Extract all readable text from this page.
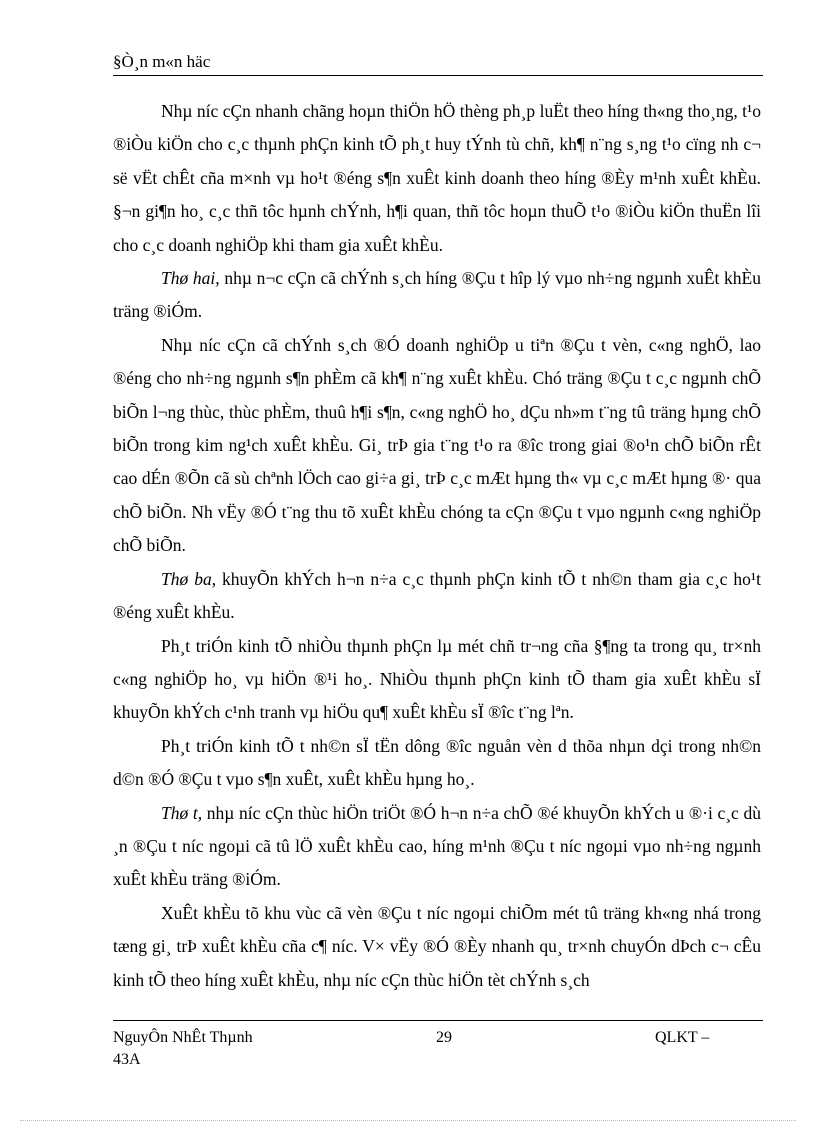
§Ò¸n m«n häc

Nhµ níc cÇn nhanh chãng hoµn thiÖn hÖ thèng ph¸p luËt theo híng th«ng tho¸ng, t¹o ®iÒu kiÖn cho c¸c thµnh phÇn kinh tÕ ph¸t huy tÝnh tù chñ, kh¶ n¨ng s¸ng t¹o cïng nh c¬ së vËt chÊt cña m×nh vµ ho¹t ®éng s¶n xuÊt kinh doanh theo híng ®Èy m¹nh xuÊt khÈu. §¬n gi¶n ho¸ c¸c thñ tôc hµnh chÝnh, h¶i quan, thñ tôc hoµn thuÕ t¹o ®iÒu kiÖn thuËn lîi cho c¸c doanh nghiÖp khi tham gia xuÊt khÈu.

Thø hai, nhµ n¬c cÇn cã chÝnh s¸ch híng ®Çu t hîp lý vµo nh÷ng ngµnh xuÊt khÈu träng ®iÓm.

Nhµ níc cÇn cã chÝnh s¸ch ®Ó doanh nghiÖp u tiªn ®Çu t vèn, c«ng nghÖ, lao ®éng cho nh÷ng ngµnh s¶n phÈm cã kh¶ n¨ng xuÊt khÈu. Chó träng ®Çu t c¸c ngµnh chÕ biÕn l¬ng thùc, thùc phÈm, thuû h¶i s¶n, c«ng nghÖ ho¸ dÇu nh»m t¨ng tû träng hµng chÕ biÕn trong kim ng¹ch xuÊt khÈu. Gi¸ trÞ gia t¨ng t¹o ra ®îc trong giai ®o¹n chÕ biÕn rÊt cao dÉn ®Õn cã sù chªnh lÖch cao gi÷a gi¸ trÞ c¸c mÆt hµng th« vµ c¸c mÆt hµng ®· qua chÕ biÕn. Nh vËy ®Ó t¨ng thu tõ xuÊt khÈu chóng ta cÇn ®Çu t vµo ngµnh c«ng nghiÖp chÕ biÕn.

Thø ba, khuyÕn khÝch h¬n n÷a c¸c thµnh phÇn kinh tÕ t nh©n tham gia c¸c ho¹t ®éng xuÊt khÈu.

Ph¸t triÓn kinh tÕ nhiÒu thµnh phÇn lµ mét chñ tr¬ng cña §¶ng ta trong qu¸ tr×nh c«ng nghiÖp ho¸ vµ hiÖn ®¹i ho¸. NhiÒu thµnh phÇn kinh tÕ tham gia xuÊt khÈu sÏ khuyÕn khÝch c¹nh tranh vµ hiÖu qu¶ xuÊt khÈu sÏ ®îc t¨ng lªn.

Ph¸t triÓn kinh tÕ t nh©n sÏ tËn dông ®îc nguån vèn d thõa nhµn dçi trong nh©n d©n ®Ó ®Çu t vµo s¶n xuÊt, xuÊt khÈu hµng ho¸.

Thø t, nhµ níc cÇn thùc hiÖn triÖt ®Ó h¬n n÷a chÕ ®é khuyÕn khÝch u ®·i c¸c dù ¸n ®Çu t níc ngoµi cã tû lÖ xuÊt khÈu cao, híng m¹nh ®Çu t níc ngoµi vµo nh÷ng ngµnh xuÊt khÈu träng ®iÓm.

XuÊt khÈu tõ khu vùc cã vèn ®Çu t níc ngoµi chiÕm mét tû träng kh«ng nhá trong tæng gi¸ trÞ xuÊt khÈu cña c¶ níc. V× vËy ®Ó ®Èy nhanh qu¸ tr×nh chuyÓn dÞch c¬ cÊu kinh tÕ theo híng xuÊt khÈu, nhµ níc cÇn thùc hiÖn tèt chÝnh s¸ch

NguyÔn NhÊt Thµnh
43A
29	QLKT –
